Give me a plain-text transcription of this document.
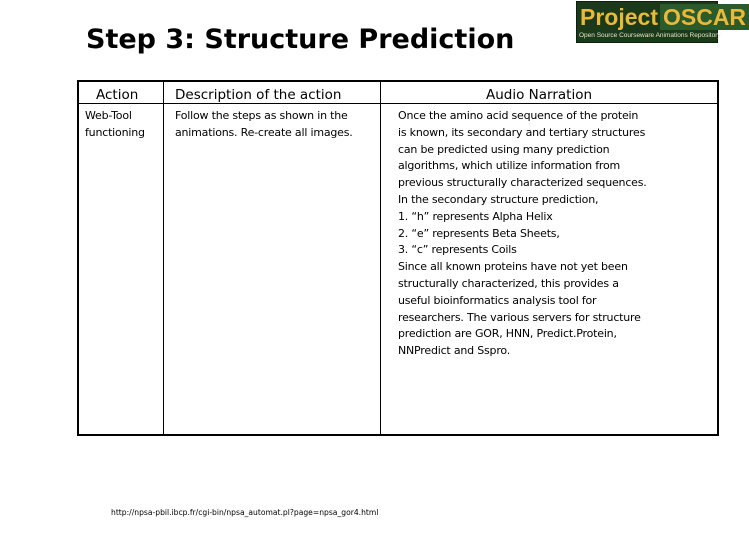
Step 3: Structure Prediction
Project OSCAR
Open Source Courseware Animations Repository
Action	Description of the action	Audio Narration
Web-Tool
functioning
Follow the steps as shown in the
animations. Re-create all images.
Once the amino acid sequence of the protein
is known, its secondary and tertiary structures
can be predicted using many prediction
algorithms, which utilize information from
previous structurally characterized sequences.
In the secondary structure prediction,
1. “h” represents Alpha Helix
2. “e” represents Beta Sheets,
3. “c” represents Coils
Since all known proteins have not yet been
structurally characterized, this provides a
useful bioinformatics analysis tool for
researchers. The various servers for structure
prediction are GOR, HNN, Predict.Protein,
NNPredict and Sspro.
http://npsa-pbil.ibcp.fr/cgi-bin/npsa_automat.pl?page=npsa_gor4.html
